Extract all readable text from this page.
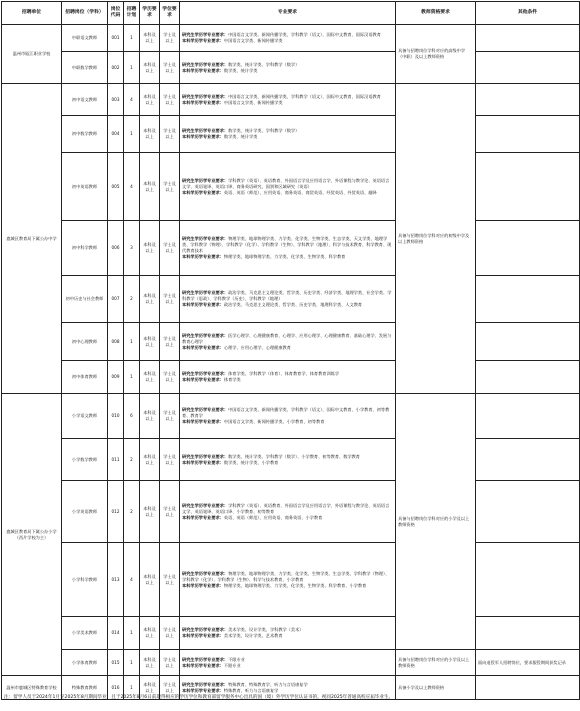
招聘单位	招聘岗位（学科）	岗位代码	招聘计划	学历要求	学位要求	专业要求	教师资格要求	其他条件
温州市瓯江职业学校	中职语文教师	001	1	本科及以上	学士及以上	研究生学历学专业要求：中国语言文学类、新闻传播学类、学科教学（语文）、国际中文教育、国际汉语教育
本科学历学专业要求：中国语言文学类、新闻传播学类	具备与招聘岗位学科对应的高级中学（中职）及以上教师资格	
	中职数学教师	002	1	本科及以上	学士及以上	研究生学历学专业要求：数学类、统计学类、学科教学（数学）
本科学历学专业要求：数学类、统计学类		

鹿城区教育局下属公办中学	初中语文教师	003	4	本科及以上	学士及以上	研究生学历学专业要求：中国语言文学类、新闻传播学类、学科教学（语文）、国际中文教育、国际汉语教育
本科学历学专业要求：中国语言文学类、新闻传播学类	具备与招聘岗位学科对应的初级中学及以上教师资格	
	初中数学教师	004	1	本科及以上	学士及以上	研究生学历学专业要求：数学类、统计学类、学科教学（数学）
本科学历学专业要求：数学类、统计学类		

	初中英语教师	005	4	本科及以上	学士及以上	研究生学历学专业要求：学科教学（英语）、英语教育、外国语言学及应用语言学、外语课程与教学论、英语语言文学、英语笔译、英语口译、商务英语研究、国别和区域研究（英语）
本科学历学专业要求：英语、英语（师范）、应用英语、商务英语、商贸英语、经贸英语、外贸英语、翻译		

	初中科学教师	006	3	本科及以上	学士及以上	研究生学历学专业要求：物理学类、地球物理学类、力学类、化学类、生物学类、生态学类、天文学类、地理学类、学科教学（物理）、学科教学（化学）、学科教学（生物）、学科教学（地理）、科学与技术教育、科学教育、现代教育技术
本科学历学专业要求：物理学类、地球物理学类、力学类、化学类、生物学类、科学教育		

	初中历史与社会教师	007	2	本科及以上	学士及以上	研究生学历学专业要求：政治学类、马克思主义理论类、哲学类、历史学类、经济学类、地理学类、社会学类、学科教学（思政）、学科教学（历史）、学科教学（地理）
本科学历学专业要求：政治学类、马克思主义理论类、哲学类、历史学类、地理科学类、人文教育		

	初中心理教师	008	1	本科及以上	学士及以上	研究生学历学专业要求：医学心理学、心理健康教育、心理学、应用心理学、心理健康教育、基础心理学、发展与教育心理学
本科学历学专业要求：心理学、应用心理学、心理健康教育		

	初中体育教师	009	1	本科及以上	学士及以上	研究生学历学专业要求：体育学类、学科教学（体育）、体育教育学、体育教育训练学
本科学历学专业要求：体育学类		

鹿城区教育局下属公办小学（西片学校为主）	小学语文教师	010	6	本科及以上	学士及以上	研究生学历学专业要求：中国语言文学类、新闻传播学类、学科教学（语文）、国际中文教育、小学教育、初等教育、教育学
本科学历学专业要求：中国语言文学类、新闻传播学类、小学教育、初等教育	具备与招聘岗位学科对应的小学及以上教师资格	
	小学数学教师	011	2	本科及以上	学士及以上	研究生学历学专业要求：数学类、统计学类、学科教学（数学）、小学教育、初等教育、数学教育
本科学历学专业要求：数学类、统计学类、小学教育		

	小学英语教师	012	2	本科及以上	学士及以上	研究生学历学专业要求：学科教学（英语）、英语教育、外国语言学及应用语言学、外语课程与教学论、英语语言文学、英语笔译、英语口译、小学教育、初等教育
本科学历学专业要求：英语、英语（师范）、应用英语、商务英语、小学教育		

	小学科学教师	013	4	本科及以上	学士及以上	研究生学历学专业要求：物理学类、地球物理学类、力学类、化学类、生物学类、生态学类、学科教学（物理）、学科教学（化学）、学科教学（生物）、科学与技术教育、小学教育
本科学历学专业要求：物理学类、地球物理学类、力学类、化学类、生物学类、科学教育、小学教育		

	小学美术教师	014	1	本科及以上	学士及以上	研究生学历学专业要求：美术学类、设计学类、学科教学（美术）
本科学历学专业要求：美术学类、设计学类、艺术教育		

	小学体育教师	015	1	本科及以上	学士及以上	研究生学历学专业要求：不限专业
本科学历学专业要求：不限专业	具备与招聘岗位学科对应的小学及以上教师资格	面向退役军人招聘岗位，要求服役期间获奖记录
温州市鹿城区特殊教育学校	特殊教育教师	016	1	本科及以上	学士及以上	研究生学历学专业要求：特殊教育、特殊教育学、听力与言语康复学
本科学历学专业要求：特殊教育、听力与言语康复学	具备小学及以上教师资格	
注：留学人员于2024年1月至2025年8月期间毕业，且于2025年8月6日前取得相应的学历学位和教育部留学服务中心出具的国（境）外学历学位认证书的，视同2025年普通高校应届毕业生。
